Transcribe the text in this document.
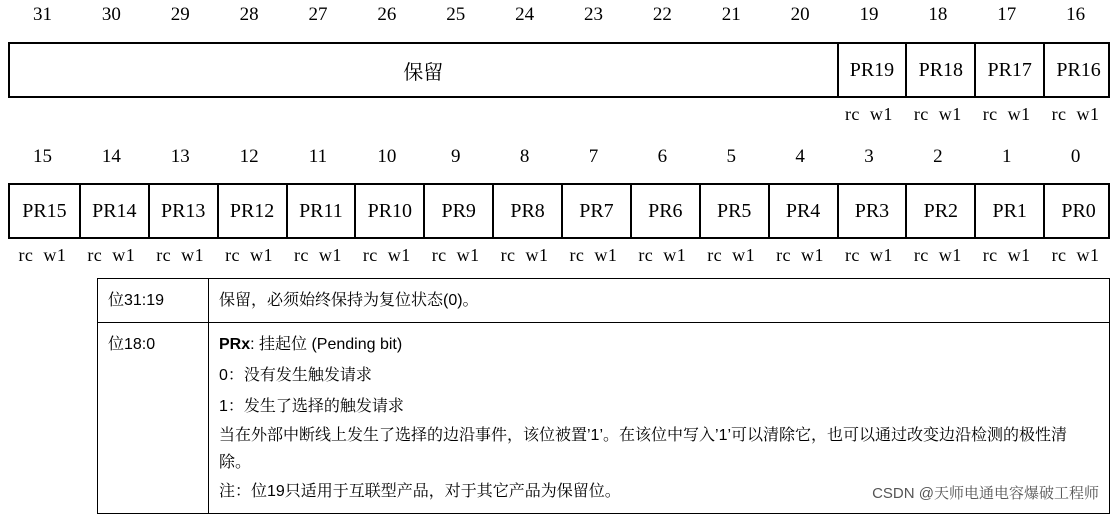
31	30	29	28	27	26	25	24	23	22	21	20	19	18	17	16
保留	PR19	PR18	PR17	PR16
rc  w1	rc  w1	rc  w1	rc  w1
15	14	13	12	11	10	9	8	7	6	5	4	3	2	1	0
PR15	PR14	PR13	PR12	PR11	PR10	PR9	PR8	PR7	PR6	PR5	PR4	PR3	PR2	PR1	PR0
rc  w1	rc  w1	rc  w1	rc  w1	rc  w1	rc  w1	rc  w1	rc  w1	rc  w1	rc  w1	rc  w1	rc  w1	rc  w1	rc  w1	rc  w1	rc  w1
位31:19	保留，必须始终保持为复位状态(0)。
位18:0	PRx: 挂起位 (Pending bit)

0：没有发生触发请求

1：发生了选择的触发请求

当在外部中断线上发生了选择的边沿事件，该位被置’1’。在该位中写入’1’可以清除它，也可以通过改变边沿检测的极性清除。

注：位19只适用于互联型产品，对于其它产品为保留位。	CSDN @天师电通电容爆破工程师
